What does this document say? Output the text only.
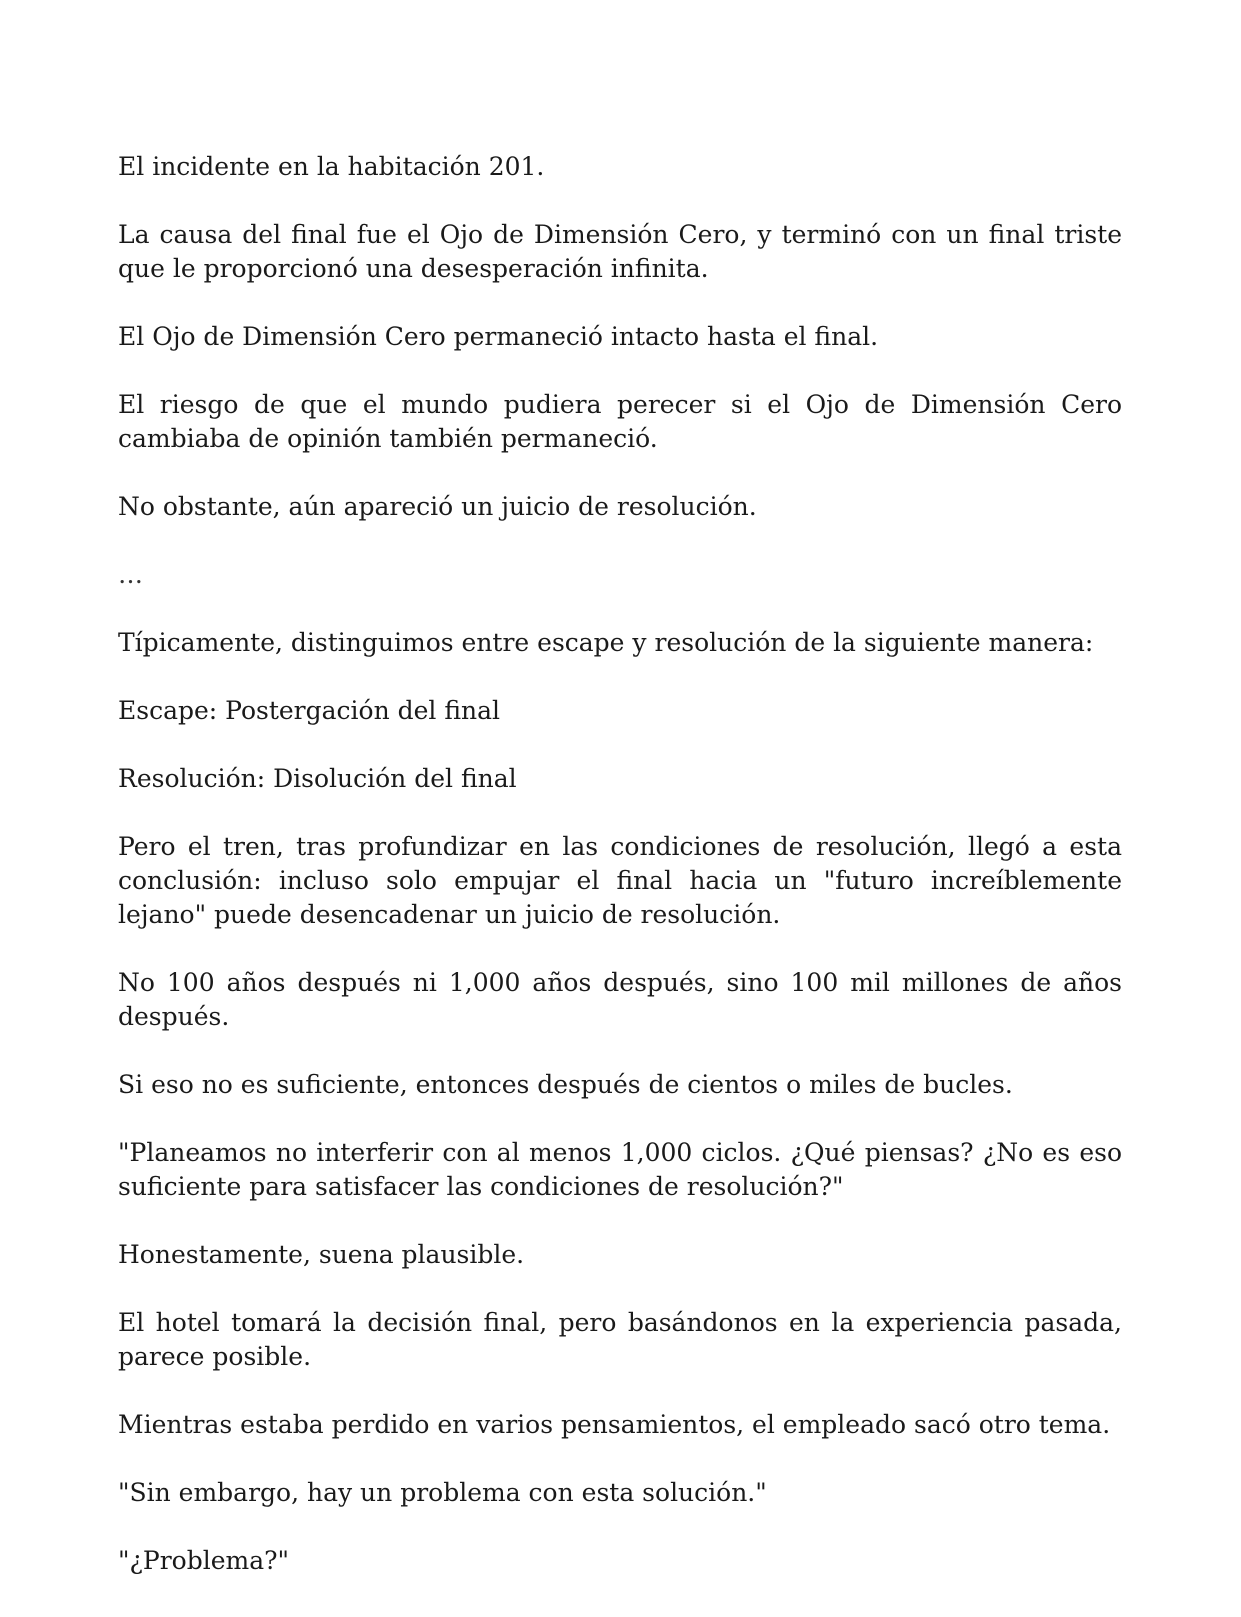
El incidente en la habitación 201.

La causa del final fue el Ojo de Dimensión Cero, y terminó con un final triste que le proporcionó una desesperación infinita.

El Ojo de Dimensión Cero permaneció intacto hasta el final.

El riesgo de que el mundo pudiera perecer si el Ojo de Dimensión Cero cambiaba de opinión también permaneció.

No obstante, aún apareció un juicio de resolución.

…

Típicamente, distinguimos entre escape y resolución de la siguiente manera:

Escape: Postergación del final

Resolución: Disolución del final

Pero el tren, tras profundizar en las condiciones de resolución, llegó a esta conclusión: incluso solo empujar el final hacia un "futuro increíblemente lejano" puede desencadenar un juicio de resolución.

No 100 años después ni 1,000 años después, sino 100 mil millones de años después.

Si eso no es suficiente, entonces después de cientos o miles de bucles.

"Planeamos no interferir con al menos 1,000 ciclos. ¿Qué piensas? ¿No es eso suficiente para satisfacer las condiciones de resolución?"

Honestamente, suena plausible.

El hotel tomará la decisión final, pero basándonos en la experiencia pasada, parece posible.

Mientras estaba perdido en varios pensamientos, el empleado sacó otro tema.

"Sin embargo, hay un problema con esta solución."

"¿Problema?"
